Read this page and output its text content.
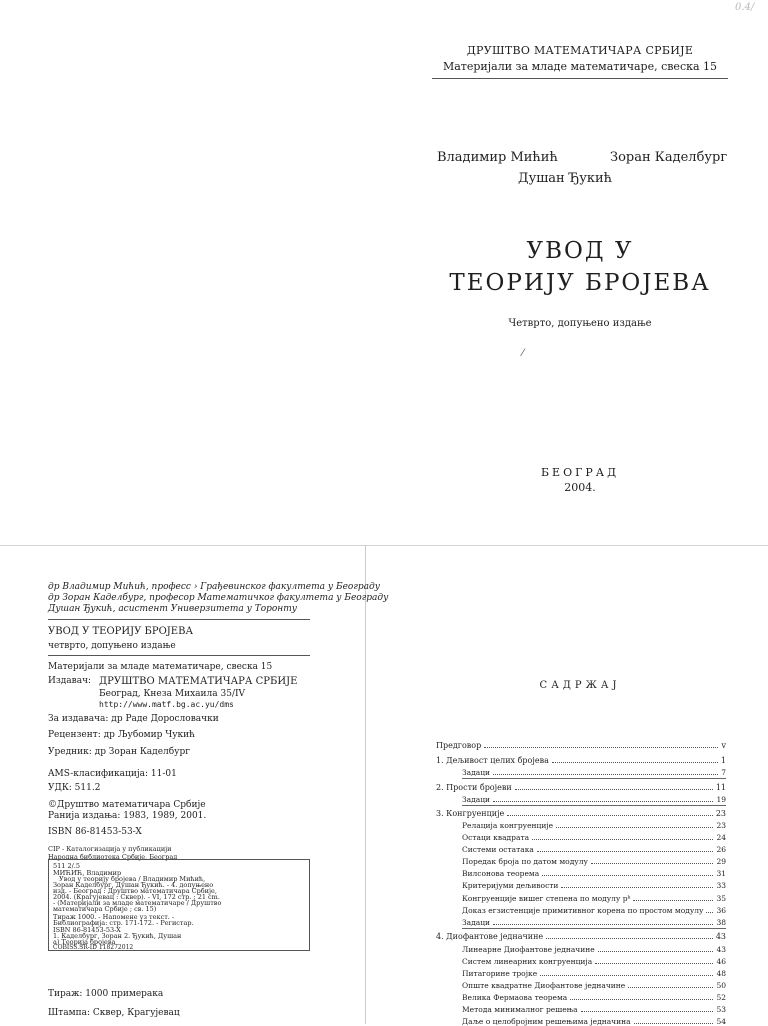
0.4/
ДРУШТВО МАТЕМАТИЧАРА СРБИЈЕ
Материјали за младе математичаре, свеска 15
Владимир Мићић	Зоран Каделбург
Душан Ђукић
УВОД У
ТЕОРИЈУ БРОЈЕВА
Четврто, допуњено издање
⁄
БЕОГРАД
2004.
др Владимир Мићић, професс › Грађевинског факултета у Београду
др Зоран Каделбург, професор Математичког факултета у Београду
Душан Ђукић, асистент Универзитета у Торонту
УВОД У ТЕОРИЈУ БРОЈЕВА
четврто, допуњено издање
Материјали за младе математичаре, свеска 15
Издавач: ДРУШТВО МАТЕМАТИЧАРА СРБИЈЕ
Београд, Кнеза Михаила 35/IV
http://www.matf.bg.ac.yu/dms
За издавача: др Раде Дорословачки
Рецензент: др Љубомир Чукић
Уредник: др Зоран Каделбург
AMS-класификација: 11-01
УДК: 511.2
©Друштво математичара Србије
Ранија издања: 1983, 1989, 2001.
ISBN 86-81453-53-X
CIP - Каталогизација у публикацији
Народна библиотека Србије, Београд
511 2/.5
МИЋИЋ, Владимир
Увод у теорију бројева / Владимир Мићић,
Зоран Каделбург, Душан Ђукић. - 4. допуњено
изд. - Београд : Друштво математичара Србије,
2004. (Крагујевац : Сквер). - VI, 172 стр. ; 21 cm.
- (Материјали за младе математичаре / Друштво
математичара Србије ; св. 15)
Тираж 1000. - Напомене уз текст. -
Библиографија: стр. 171-172. - Регистар.
ISBN 86-81453-53-X
1. Каделбург, Зоран 2. Ђукић, Душан
а) Теорија бројева
COBISS.SR-ID 118272012
Тираж: 1000 примерака
Штампа: Сквер, Крагујевац
САДРЖАЈ
Предговор	v
1. Дељивост целих бројева	1
Задаци	7
2. Прости бројеви	11
Задаци	19
3. Конгруенције	23
Релација конгруенције	23
Остаци квадрата	24
Системи остатака	26
Поредак броја по датом модулу	29
Вилсонова теорема	31
Критеријуми дељивости	33
Конгруенције вишег степена по модулу pᵏ	35
Доказ егзистенције примитивног корена по простом модулу 36
Задаци	38
4. Диофантове једначине	43
Линеарне Диофантове једначине	43
Систем линеарних конгруенција	46
Питагорине тројке	48
Опште квадратне Диофантове једначине	50
Велика Фермаова теорема	52
Метода минималног решења	53
Даље о целобројним решењима једначина	54
